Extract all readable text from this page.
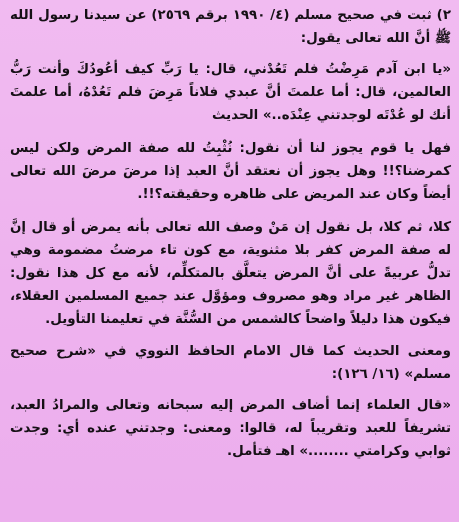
٢) ثبت في صحيح مسلم (٤/ ١٩٩٠ برقم ٢٥٦٩) عن سيدنا رسول الله ﷺ أنَّ الله تعالى يقول:

«يا ابن آدم مَرِضْتُ فلم تَعُدْني، قال: يا رَبِّ كيف أعُودُكَ وأنت رَبُّ العالمين، قال: أما علمتَ أنَّ عبدي فلاناً مَرِضَ فلم تَعُدْهُ، أما علمتَ أنك لو عُدْتَه لوجدتني عِنْدَه..» الحديث

فهل يا قوم يجوز لنا أن نقول: نُثْبِتُ لله صفة المرض ولكن ليس كمرضنا؟!! وهل يجوز أن نعتقد أنَّ العبد إذا مرضَ مرضَ الله تعالى أيضاً وكان عند المريض على ظاهره وحقيقته؟!!.

كلا، ثم كلا، بل نقول إن مَنْ وصف الله تعالى بأنه يمرض أو قال إنَّ له صفة المرض كفر بلا مثنوية، مع كون تاء مرضتُ مضمومة وهي تدلُّ عربيةً على أنَّ المرض يتعلَّق بالمتكلِّم، لأنه مع كل هذا نقول: الظاهر غير مراد وهو مصروف ومؤوَّل عند جميع المسلمين العقلاء، فيكون هذا دليلاً واضحاً كالشمس من السُّنَّة في تعليمنا التأويل.

ومعنى الحديث كما قال الامام الحافظ النووي في «شرح صحيح مسلم» (١٦/ ١٢٦):

«قال العلماء إنما أضاف المرض إليه سبحانه وتعالى والمرادُ العبد، تشريفاً للعبد وتقريباً له، قالوا: ومعنى: وجدتني عنده أي: وجدت ثوابي وكرامتي ........» اهـ فتأمل.
